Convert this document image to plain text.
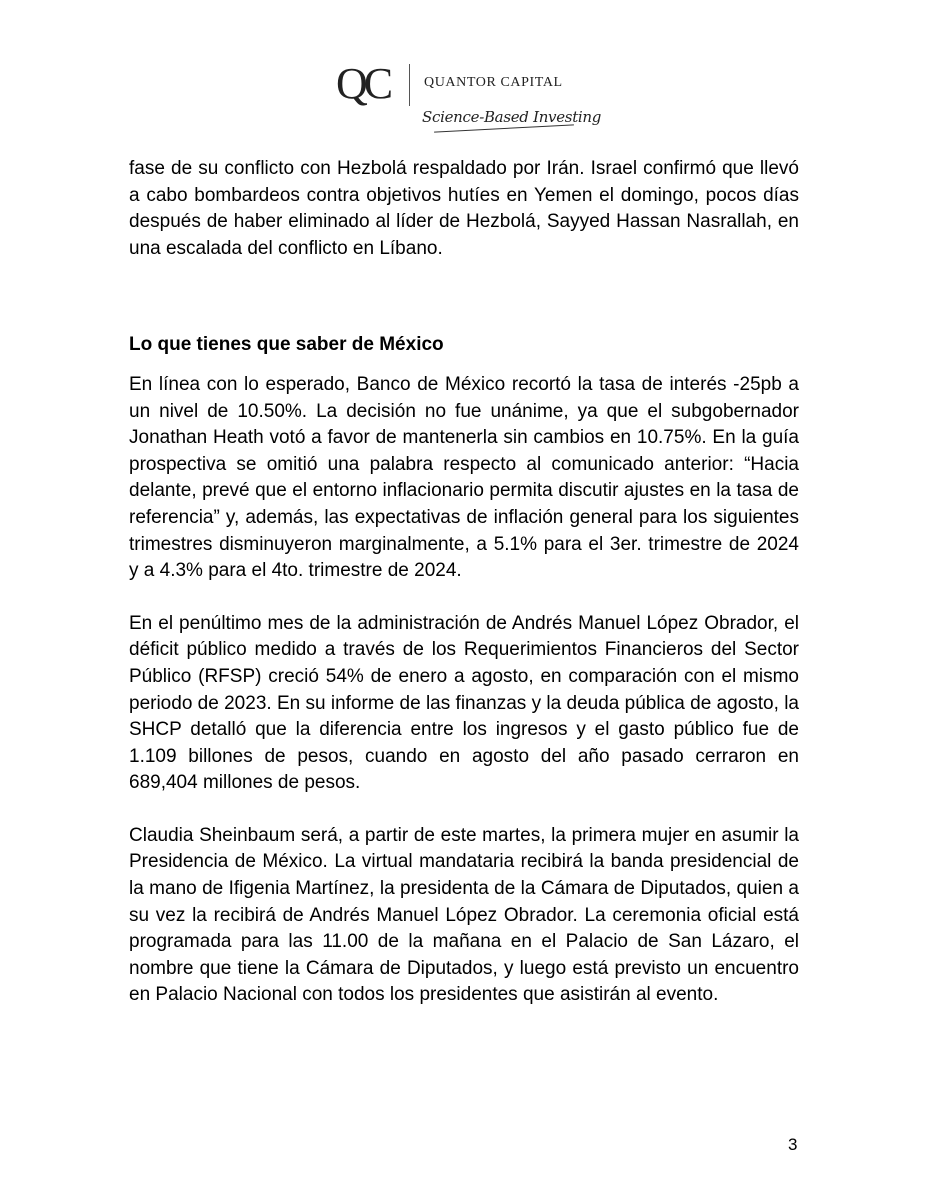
QC QUANTOR CAPITAL
Science-Based Investing

fase de su conflicto con Hezbolá respaldado por Irán. Israel confirmó que llevó a cabo bombardeos contra objetivos hutíes en Yemen el domingo, pocos días después de haber eliminado al líder de Hezbolá, Sayyed Hassan Nasrallah, en una escalada del conflicto en Líbano.

Lo que tienes que saber de México

En línea con lo esperado, Banco de México recortó la tasa de interés -25pb a un nivel de 10.50%. La decisión no fue unánime, ya que el subgobernador Jonathan Heath votó a favor de mantenerla sin cambios en 10.75%. En la guía prospectiva se omitió una palabra respecto al comunicado anterior: “Hacia delante, prevé que el entorno inflacionario permita discutir ajustes en la tasa de referencia” y, además, las expectativas de inflación general para los siguientes trimestres disminuyeron marginalmente, a 5.1% para el 3er. trimestre de 2024 y a 4.3% para el 4to. trimestre de 2024.

En el penúltimo mes de la administración de Andrés Manuel López Obrador, el déficit público medido a través de los Requerimientos Financieros del Sector Público (RFSP) creció 54% de enero a agosto, en comparación con el mismo periodo de 2023. En su informe de las finanzas y la deuda pública de agosto, la SHCP detalló que la diferencia entre los ingresos y el gasto público fue de 1.109 billones de pesos, cuando en agosto del año pasado cerraron en 689,404 millones de pesos.

Claudia Sheinbaum será, a partir de este martes, la primera mujer en asumir la Presidencia de México. La virtual mandataria recibirá la banda presidencial de la mano de Ifigenia Martínez, la presidenta de la Cámara de Diputados, quien a su vez la recibirá de Andrés Manuel López Obrador. La ceremonia oficial está programada para las 11.00 de la mañana en el Palacio de San Lázaro, el nombre que tiene la Cámara de Diputados, y luego está previsto un encuentro en Palacio Nacional con todos los presidentes que asistirán al evento.

3
